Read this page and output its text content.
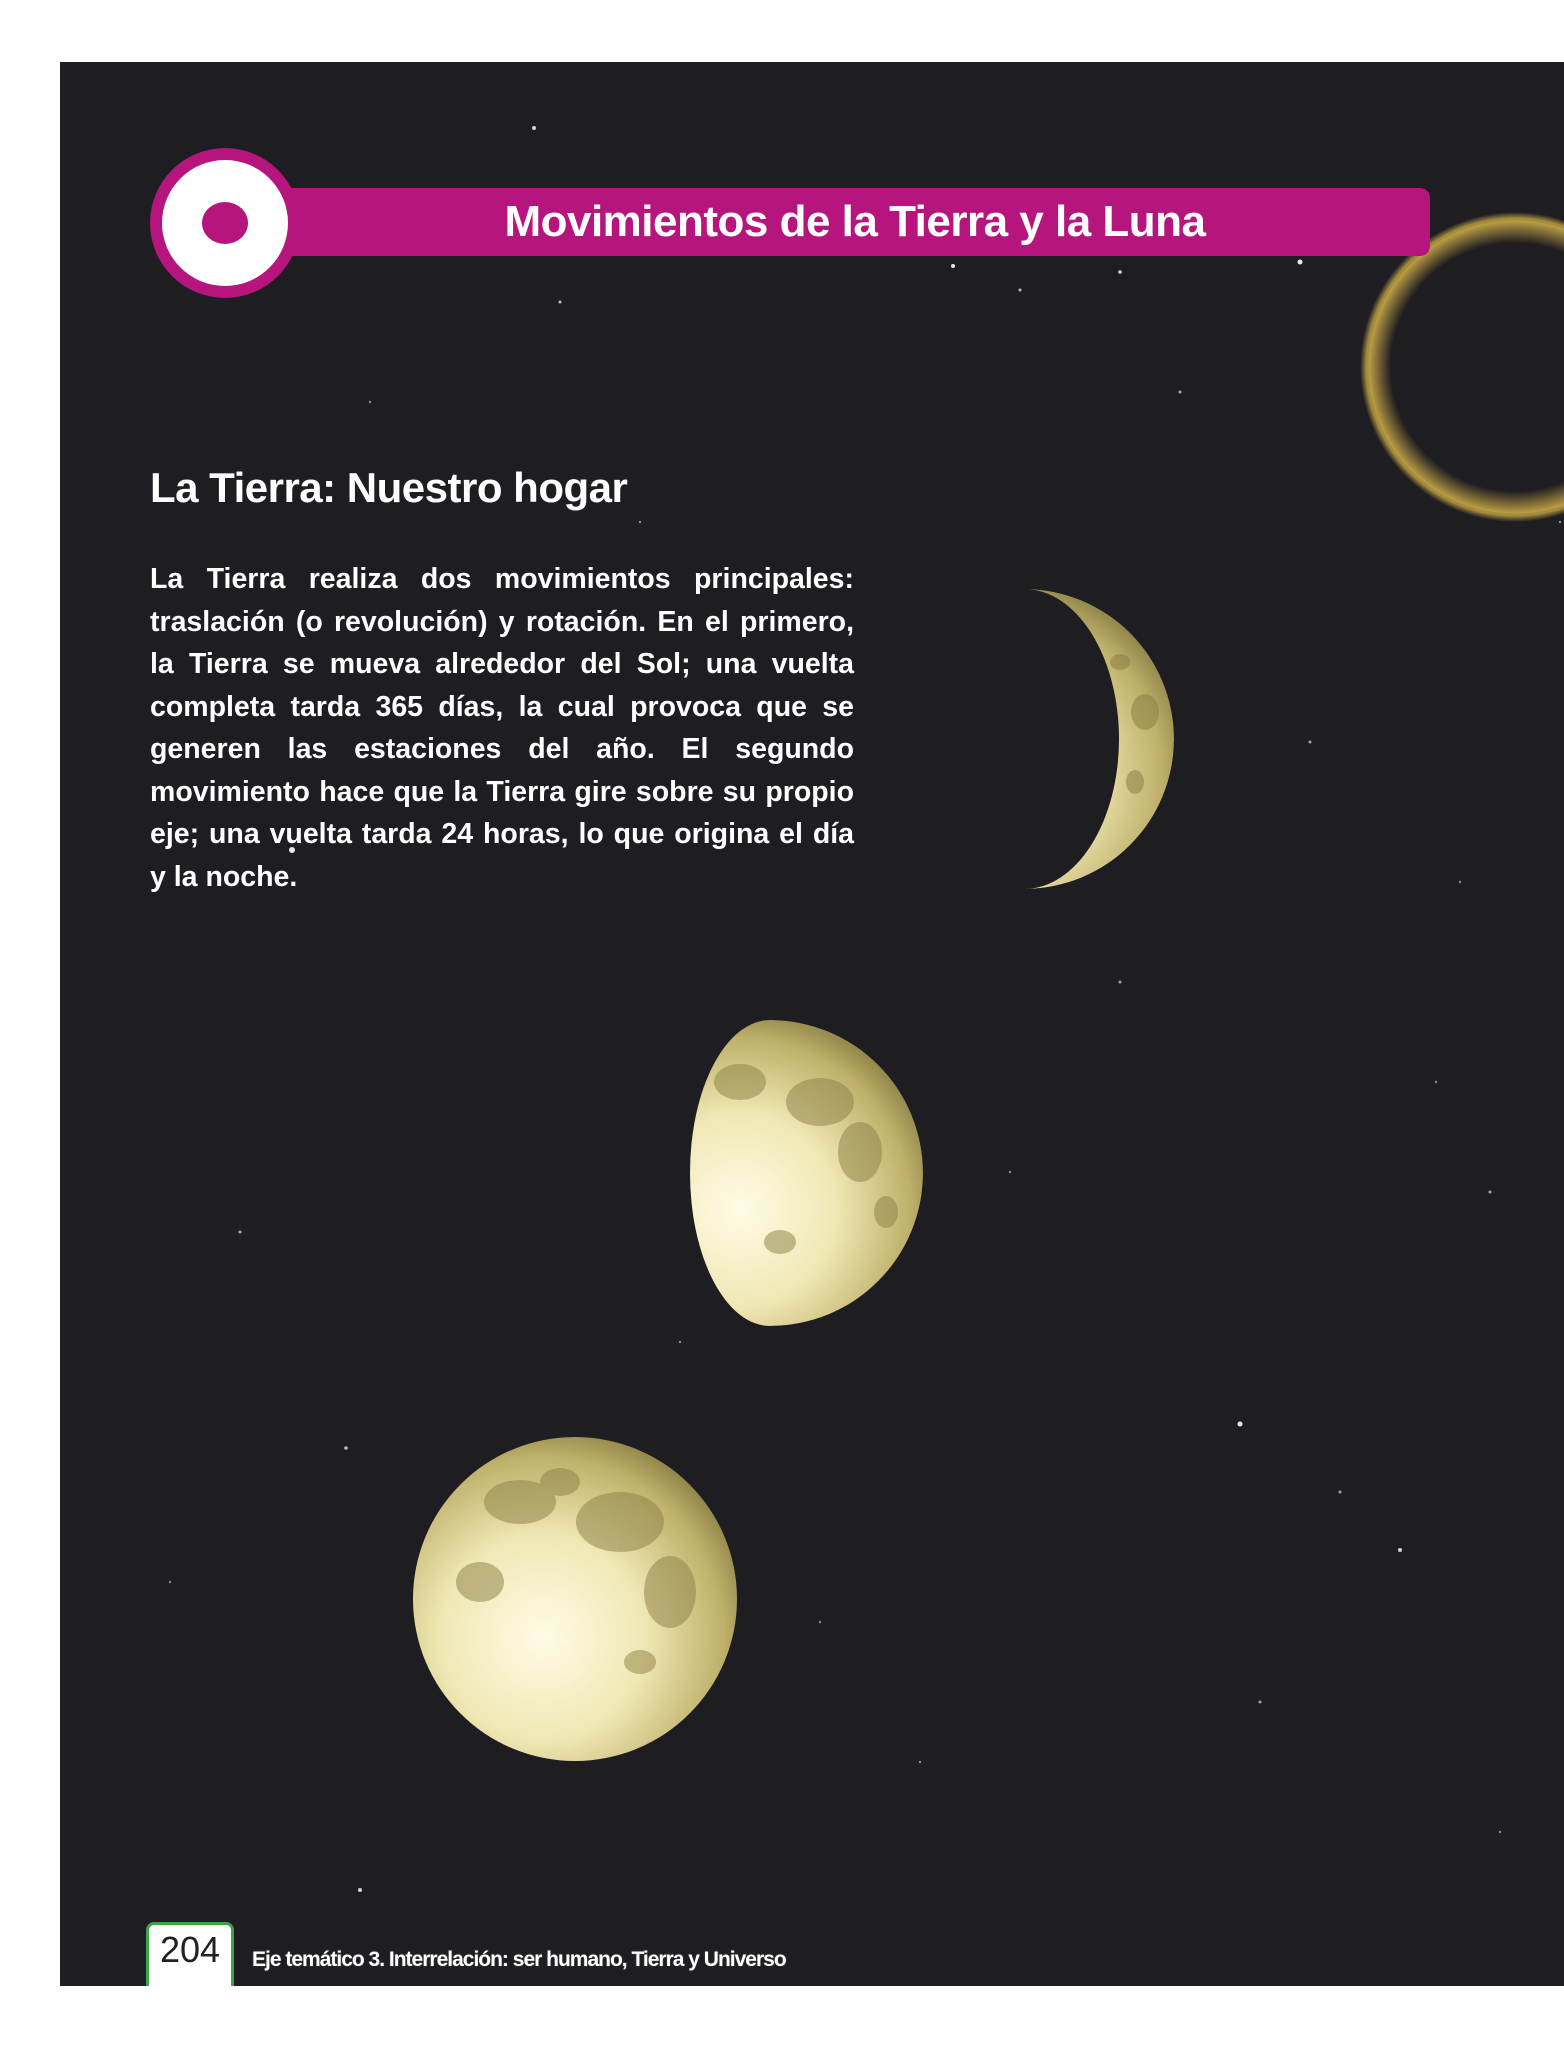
Movimientos de la Tierra y la Luna
La Tierra: Nuestro hogar

La Tierra realiza dos movimientos principales: traslación (o revolución) y rotación. En el primero, la Tierra se mueva alrededor del Sol; una vuelta completa tarda 365 días, la cual provoca que se generen las estaciones del año. El segundo movimiento hace que la Tierra gire sobre su propio eje; una vuelta tarda 24 horas, lo que origina el día y la noche.

204	Eje temático 3. Interrelación: ser humano, Tierra y Universo
